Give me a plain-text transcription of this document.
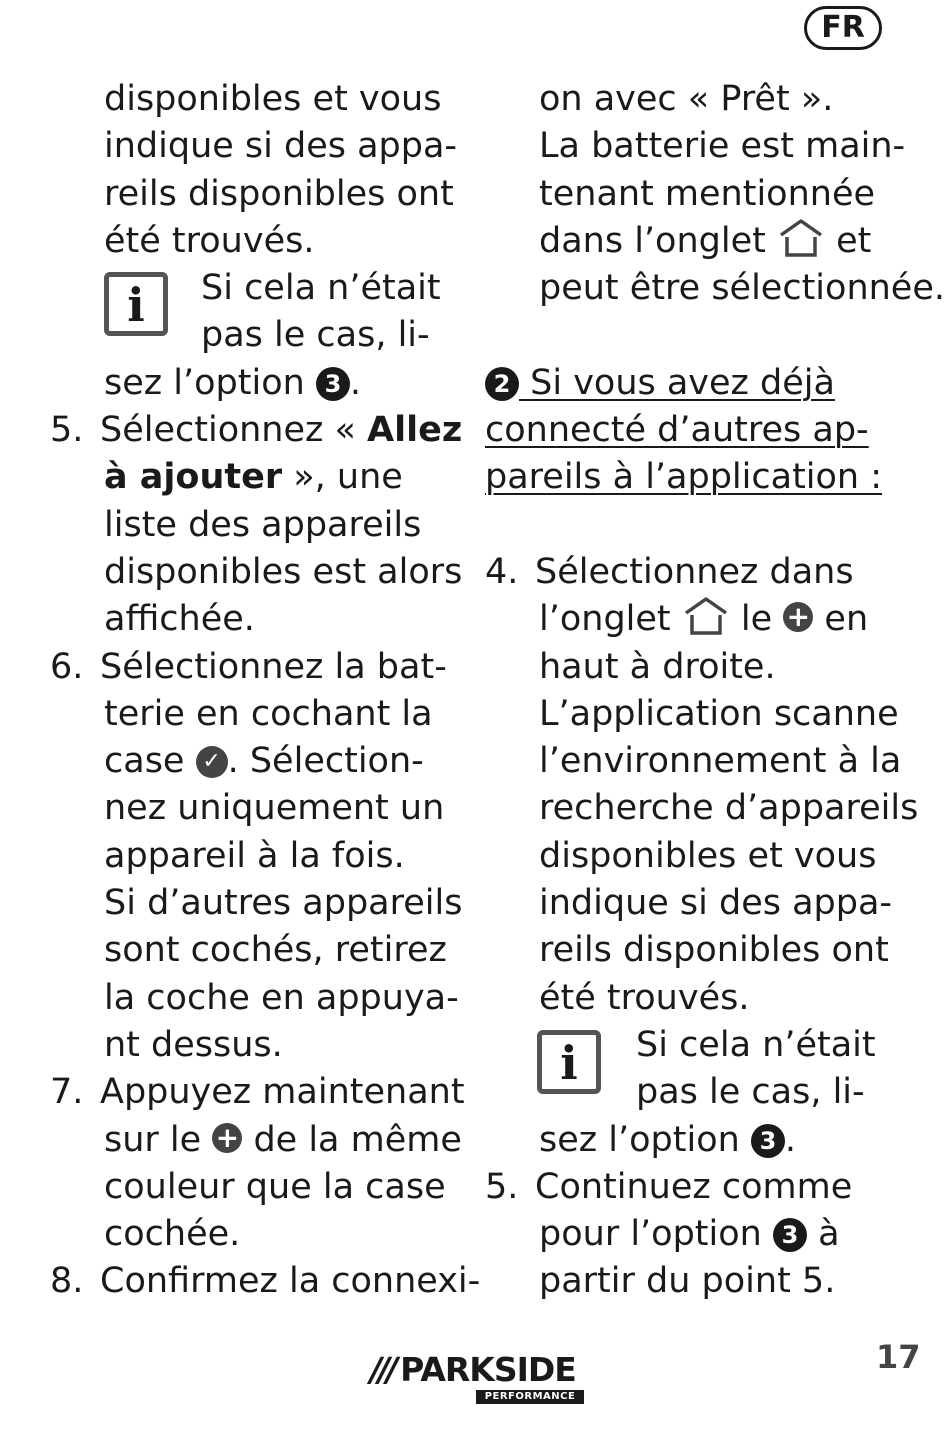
FR
disponibles et vous
indique si des appa-
reils disponibles ont
été trouvés.
Si cela n’était
pas le cas, li-
sez l’option 3 .
5. Sélectionnez « Allez
à ajouter », une
liste des appareils
disponibles est alors
affichée.
6. Sélectionnez la bat-
terie en cochant la
case ✓ . Sélection-
nez uniquement un
appareil à la fois.
Si d’autres appareils
sont cochés, retirez
la coche en appuya-
nt dessus.
7. Appuyez maintenant
sur le + de la même
couleur que la case
cochée.
8. Confirmez la connexi-
i
on avec « Prêt ».
La batterie est main-
tenant mentionnée
dans l’onglet  et
peut être sélectionnée.
2 Si vous avez déjà
connecté d’autres ap-
pareils à l’application :
4. Sélectionnez dans
l’onglet  le + en
haut à droite.
L’application scanne
l’environnement à la
recherche d’appareils
disponibles et vous
indique si des appa-
reils disponibles ont
été trouvés.
Si cela n’était
pas le cas, li-
sez l’option 3 .
5. Continuez comme
pour l’option 3 à
partir du point 5.
i
/// PARKSIDE
PERFORMANCE
17
